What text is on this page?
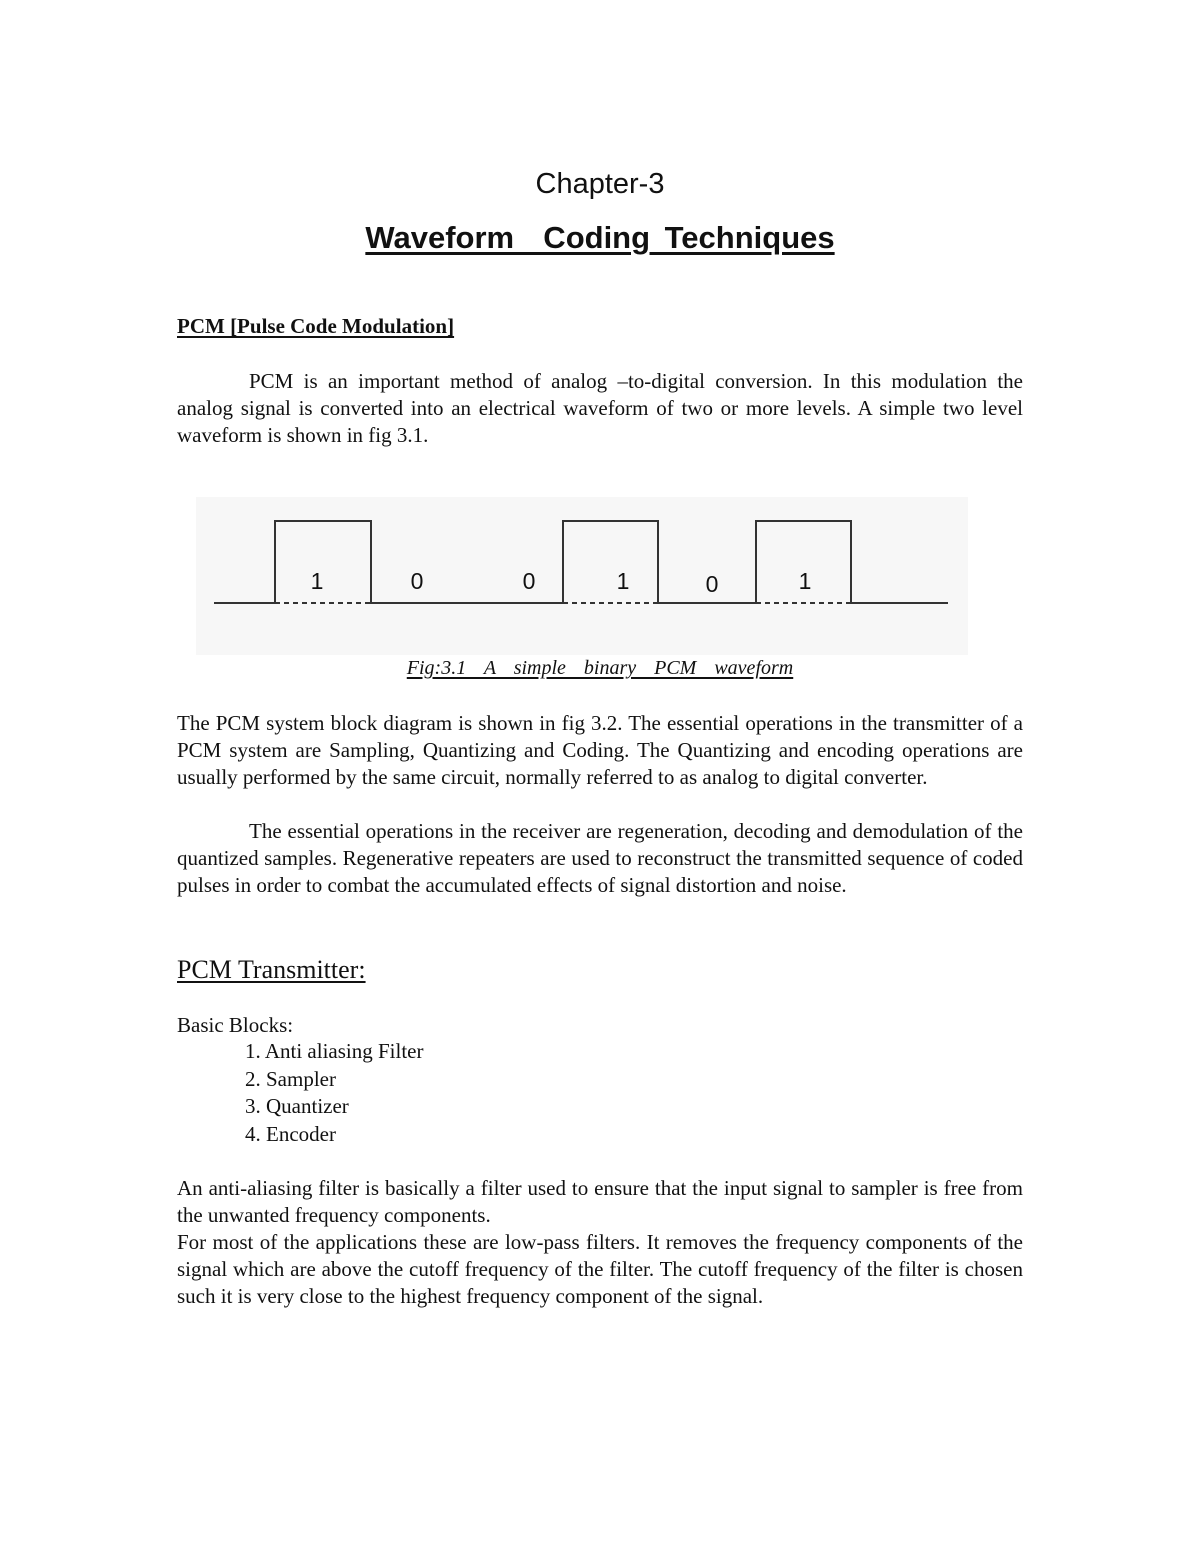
Chapter-3
Waveform  Coding Techniques
PCM [Pulse Code Modulation]
PCM is an important method of analog –to-digital conversion. In this modulation the analog signal is converted into an electrical waveform of two or more levels. A simple two level waveform is shown in fig 3.1.
1	0	0	1	0	1
Fig:3.1  A  simple  binary  PCM  waveform
The PCM system block diagram is shown in fig 3.2. The essential operations in the transmitter of a PCM system are Sampling, Quantizing and Coding. The Quantizing and encoding operations are usually performed by the same circuit, normally referred to as analog to digital converter.
The essential operations in the receiver are regeneration, decoding and demodulation of the quantized samples. Regenerative repeaters are used to reconstruct the transmitted sequence of coded pulses in order to combat the accumulated effects of signal distortion and noise.
PCM Transmitter:
Basic Blocks:
1. Anti aliasing Filter
2. Sampler
3. Quantizer
4. Encoder
An anti-aliasing filter is basically a filter used to ensure that the input signal to sampler is free from the unwanted frequency components.
For most of the applications these are low-pass filters. It removes the frequency components of the signal which are above the cutoff frequency of the filter. The cutoff frequency of the filter is chosen such it is very close to the highest frequency component of the signal.
